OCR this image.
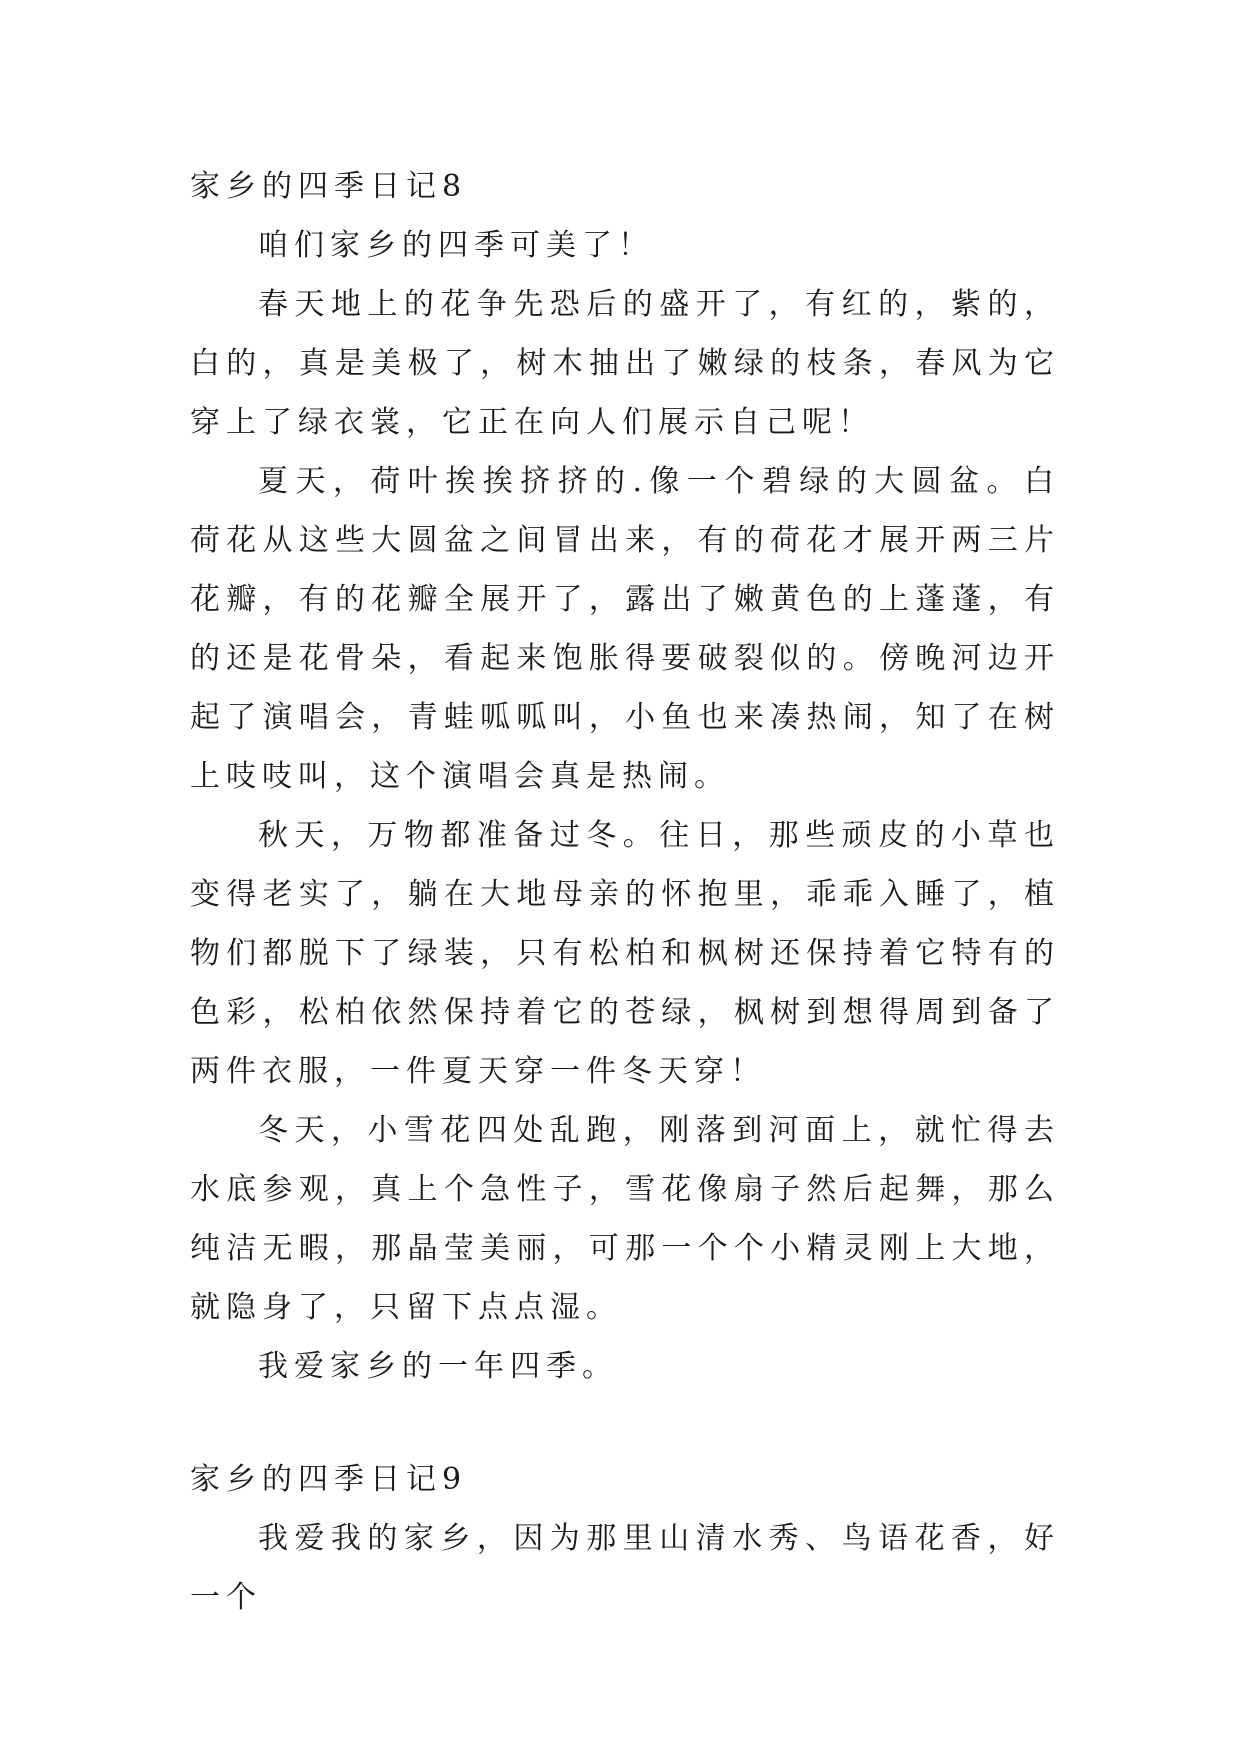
家乡的四季日记8

咱们家乡的四季可美了！

春天地上的花争先恐后的盛开了，有红的，紫的，白的，真是美极了，树木抽出了嫩绿的枝条，春风为它穿上了绿衣裳，它正在向人们展示自己呢！

夏天，荷叶挨挨挤挤的.像一个碧绿的大圆盆。白荷花从这些大圆盆之间冒出来，有的荷花才展开两三片花瓣，有的花瓣全展开了，露出了嫩黄色的上蓬蓬，有的还是花骨朵，看起来饱胀得要破裂似的。傍晚河边开起了演唱会，青蛙呱呱叫，小鱼也来凑热闹，知了在树上吱吱叫，这个演唱会真是热闹。

秋天，万物都准备过冬。往日，那些顽皮的小草也变得老实了，躺在大地母亲的怀抱里，乖乖入睡了，植物们都脱下了绿装，只有松柏和枫树还保持着它特有的色彩，松柏依然保持着它的苍绿，枫树到想得周到备了两件衣服，一件夏天穿一件冬天穿！

冬天，小雪花四处乱跑，刚落到河面上，就忙得去水底参观，真上个急性子，雪花像扇子然后起舞，那么纯洁无暇，那晶莹美丽，可那一个个小精灵刚上大地，就隐身了，只留下点点湿。

我爱家乡的一年四季。

家乡的四季日记9

我爱我的家乡，因为那里山清水秀、鸟语花香，好一个
